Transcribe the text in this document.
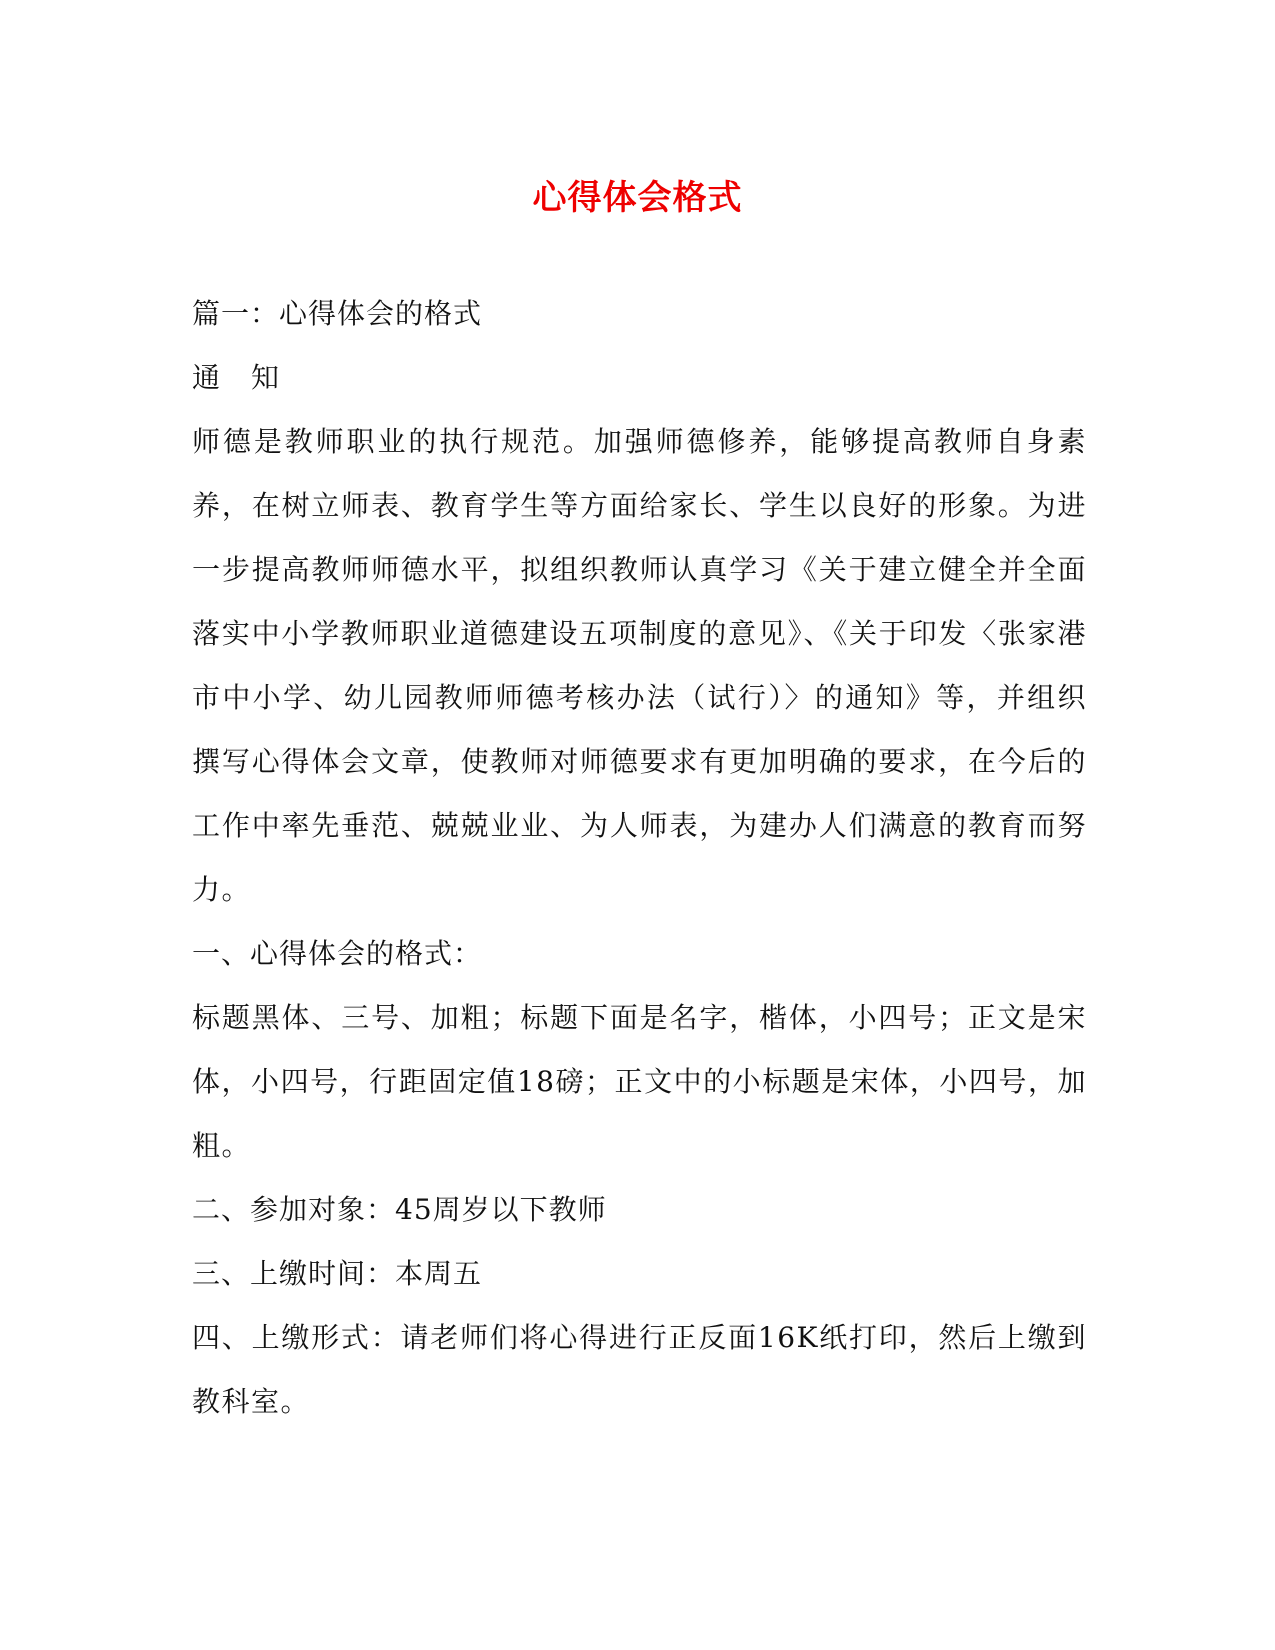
心得体会格式

篇一：心得体会的格式

通 知

师德是教师职业的执行规范。加强师德修养，能够提高教师自身素养，在树立师表、教育学生等方面给家长、学生以良好的形象。为进一步提高教师师德水平，拟组织教师认真学习《关于建立健全并全面落实中小学教师职业道德建设五项制度的意见》、《关于印发〈张家港市中小学、幼儿园教师师德考核办法（试行）〉的通知》等，并组织撰写心得体会文章，使教师对师德要求有更加明确的要求，在今后的工作中率先垂范、兢兢业业、为人师表，为建办人们满意的教育而努力。

一、心得体会的格式：

标题黑体、三号、加粗；标题下面是名字，楷体，小四号；正文是宋体，小四号，行距固定值18磅；正文中的小标题是宋体，小四号，加粗。

二、参加对象：45周岁以下教师

三、上缴时间：本周五

四、上缴形式：请老师们将心得进行正反面16K纸打印，然后上缴到教科室。
